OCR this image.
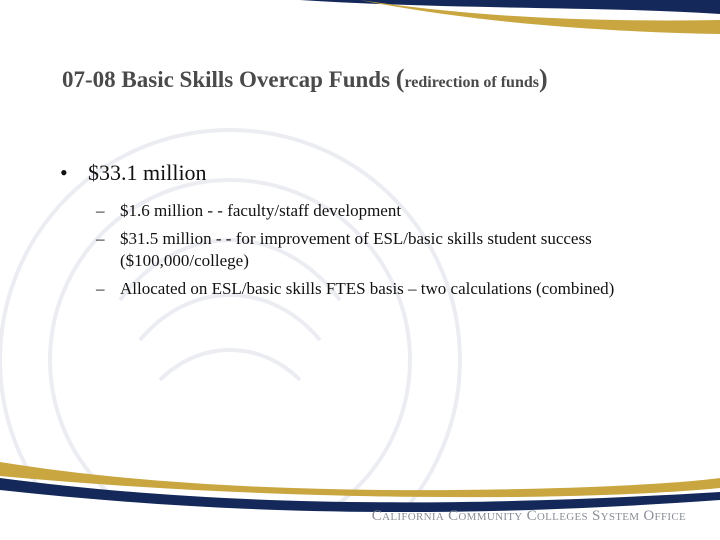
07-08 Basic Skills Overcap Funds (redirection of funds)
• $33.1 million
– $1.6 million - - faculty/staff development
– $31.5 million - - for improvement of ESL/basic skills student success ($100,000/college)
– Allocated on ESL/basic skills FTES basis – two calculations (combined)
California Community Colleges System Office
